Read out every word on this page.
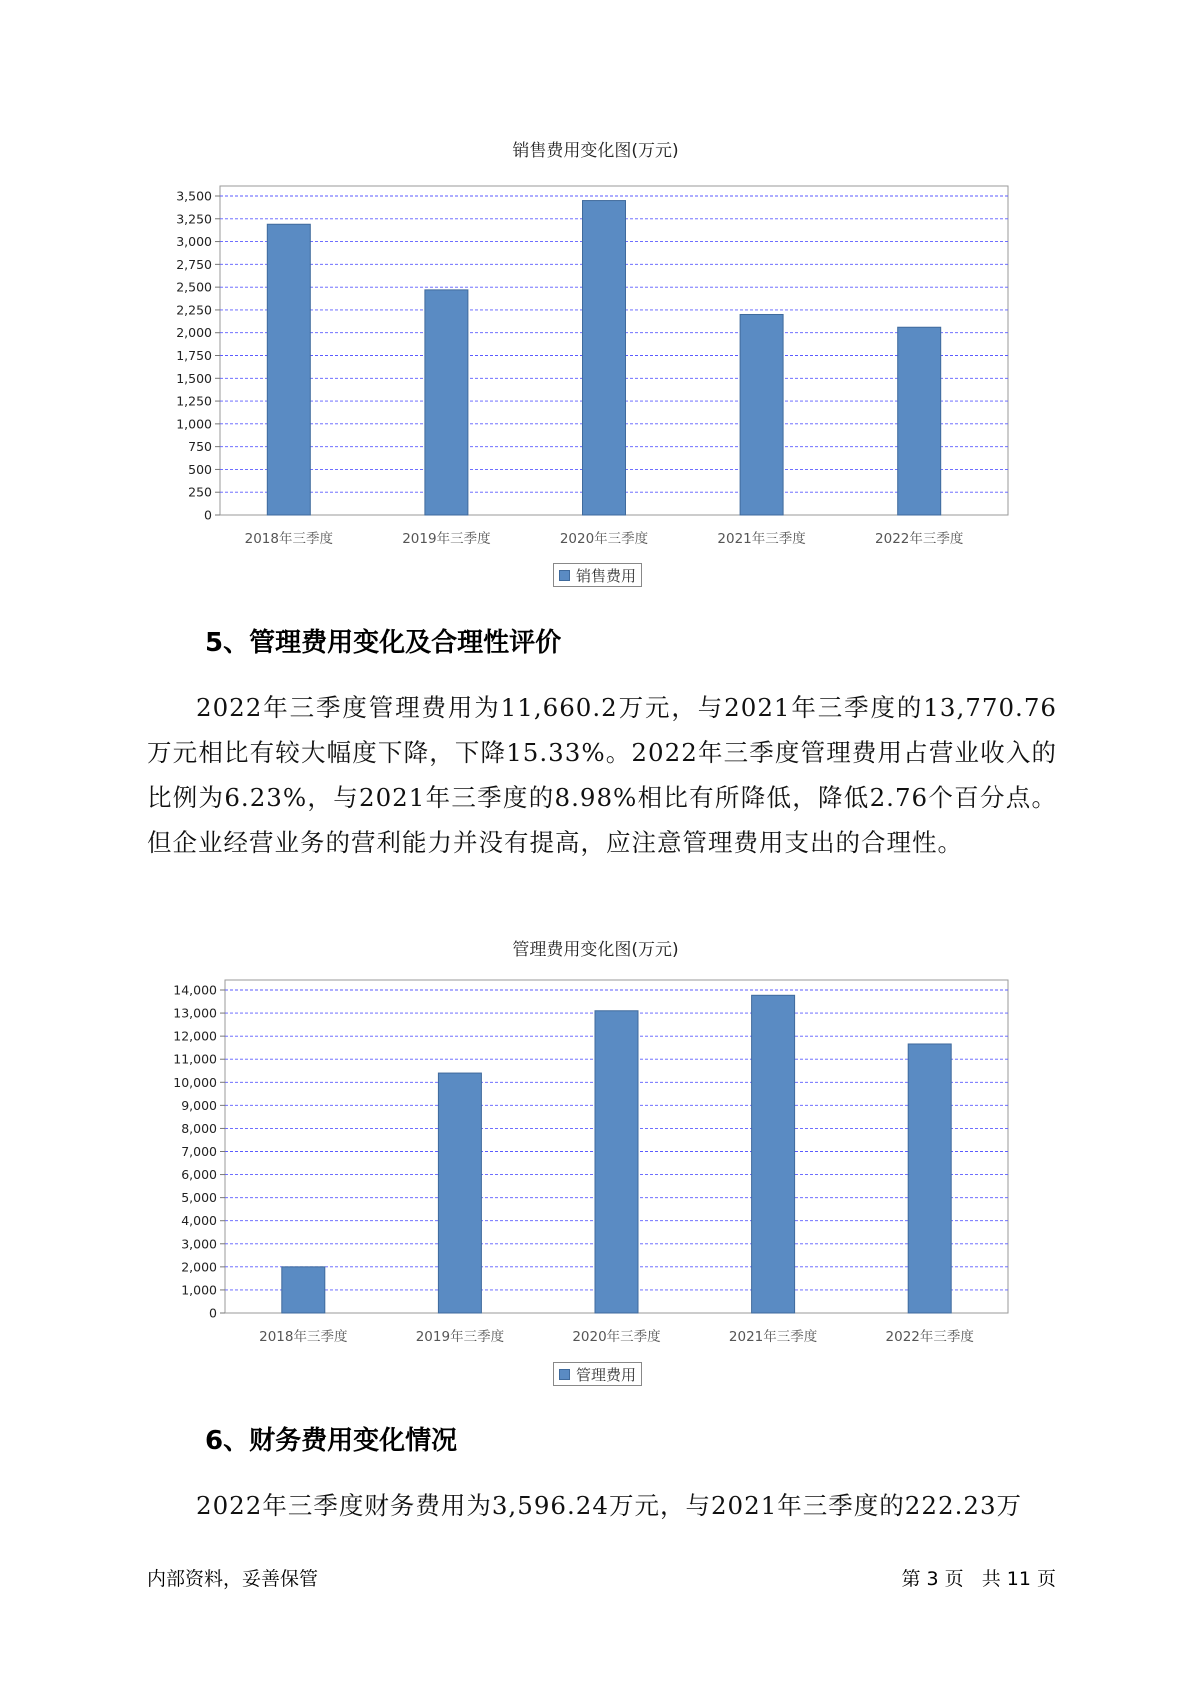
销售费用变化图(万元)
0
250
500
750
1,000
1,250
1,500
1,750
2,000
2,250
2,500
2,750
3,000
3,250
3,500
2018年三季度	2019年三季度	2020年三季度	2021年三季度	2022年三季度
销售费用
5、管理费用变化及合理性评价

2022年三季度管理费用为11,660.2万元，与2021年三季度的13,770.76万元相比有较大幅度下降，下降15.33%。2022年三季度管理费用占营业收入的比例为6.23%，与2021年三季度的8.98%相比有所降低，降低2.76个百分点。但企业经营业务的营利能力并没有提高，应注意管理费用支出的合理性。

管理费用变化图(万元)
0
1,000
2,000
3,000
4,000
5,000
6,000
7,000
8,000
9,000
10,000
11,000
12,000
13,000
14,000
2018年三季度	2019年三季度	2020年三季度	2021年三季度	2022年三季度
管理费用
6、财务费用变化情况

2022年三季度财务费用为3,596.24万元，与2021年三季度的222.23万

内部资料，妥善保管	第 3 页   共 11 页
